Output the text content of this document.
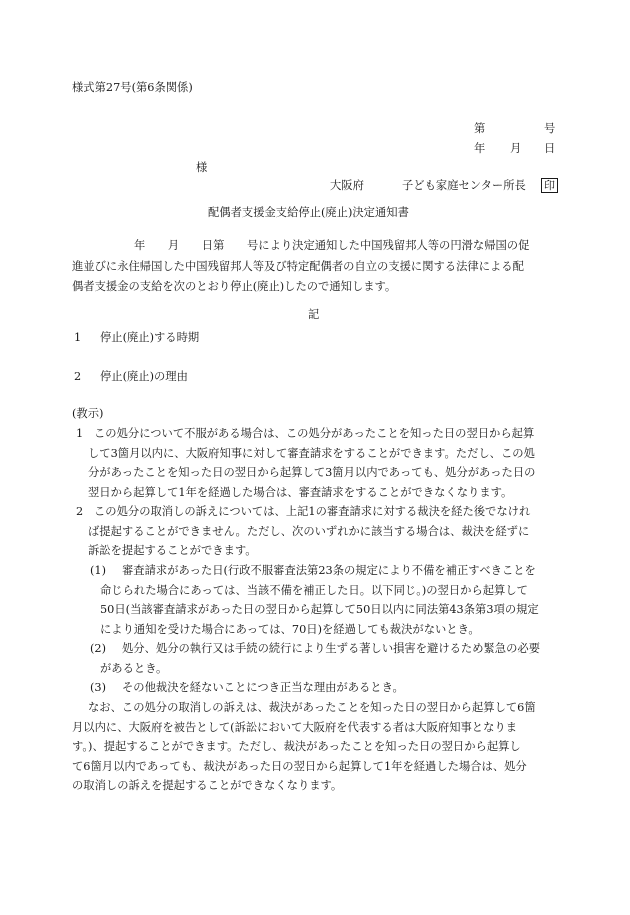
様式第27号(第6条関係)
第	号
年 月 日
様
大阪府	子ども家庭センター所長 印
配偶者支援金支給停止(廃止)決定通知書
年　　月　　日第　　号により決定通知した中国残留邦人等の円滑な帰国の促
進並びに永住帰国した中国残留邦人等及び特定配偶者の自立の支援に関する法律による配
偶者支援金の支給を次のとおり停止(廃止)したので通知します。
記
1 停止(廃止)する時期
2 停止(廃止)の理由
(教示)
1 この処分について不服がある場合は、この処分があったことを知った日の翌日から起算
して3箇月以内に、大阪府知事に対して審査請求をすることができます。ただし、この処
分があったことを知った日の翌日から起算して3箇月以内であっても、処分があった日の
翌日から起算して1年を経過した場合は、審査請求をすることができなくなります。
2 この処分の取消しの訴えについては、上記1の審査請求に対する裁決を経た後でなけれ
ば提起することができません。ただし、次のいずれかに該当する場合は、裁決を経ずに
訴訟を提起することができます。
(1) 審査請求があった日(行政不服審査法第23条の規定により不備を補正すべきことを
命じられた場合にあっては、当該不備を補正した日。以下同じ。)の翌日から起算して
50日(当該審査請求があった日の翌日から起算して50日以内に同法第43条第3項の規定
により通知を受けた場合にあっては、70日)を経過しても裁決がないとき。
(2) 処分、処分の執行又は手続の続行により生ずる著しい損害を避けるため緊急の必要
があるとき。
(3) その他裁決を経ないことにつき正当な理由があるとき。
なお、この処分の取消しの訴えは、裁決があったことを知った日の翌日から起算して6箇
月以内に、大阪府を被告として(訴訟において大阪府を代表する者は大阪府知事となりま
す。)、提起することができます。ただし、裁決があったことを知った日の翌日から起算し
て6箇月以内であっても、裁決があった日の翌日から起算して1年を経過した場合は、処分
の取消しの訴えを提起することができなくなります。
